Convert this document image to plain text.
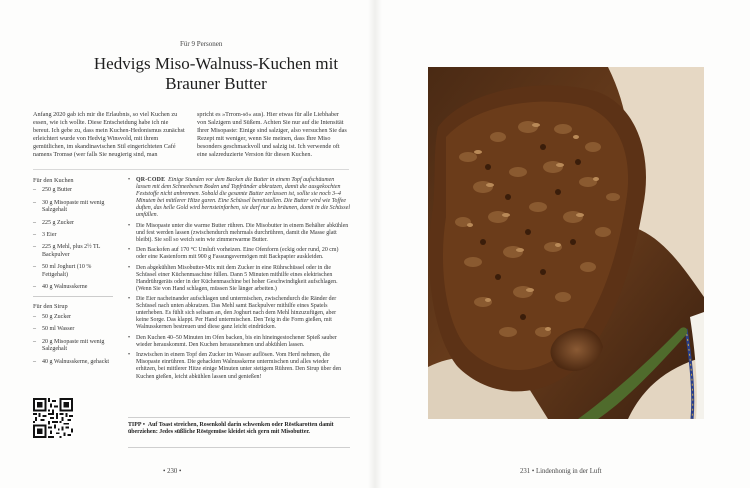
Für 9 Personen
Hedvigs Miso-Walnuss-Kuchen mit
Brauner Butter
Anfang 2020 gab ich mir die Erlaubnis, so viel Kuchen zu essen, wie ich wollte. Diese Entscheidung habe ich nie bereut. Ich gebe zu, dass mein Kuchen-Hedonismus zunächst erleichtert wurde von Hedvig Winsvold, mit ihrem gemütlichen, im skandinavischen Stil eingerichteten Café namens Tromsø (wer falls Sie neugierig sind, man
spricht es »Trrom-sö« aus). Hier etwas für alle Liebhaber von Salzigem und Süßem. Achten Sie nur auf die Intensität Ihrer Misopaste: Einige sind salziger, also versuchen Sie das Rezept mit weniger, wenn Sie meinen, dass Ihre Miso besonders geschmackvoll und salzig ist. Ich verwende oft eine salzreduzierte Version für diesen Kuchen.
Für den Kuchen
– 250 g Butter
– 30 g Misopaste mit wenig Salzgehalt
– 225 g Zucker
– 3 Eier
– 225 g Mehl, plus 2½ TL Backpulver
– 50 ml Joghurt (10 % Fettgehalt)
– 40 g Walnusskerne
Für den Sirup
– 50 g Zucker
– 50 ml Wasser
– 20 g Misopaste mit wenig Salzgehalt
– 40 g Walnusskerne, gehackt

• QR-CODE Einige Stunden vor dem Backen die Butter in einem Topf aufschäumen lassen mit dem Schneebesen Boden und Topfränder abkratzen, damit die ausgekochten Feststoffe nicht anbrennen. Sobald die gesamte Butter zerlassen ist, sollte sie noch 3–4 Minuten bei mittlerer Hitze garen. Eine Schüssel bereitstellen. Die Butter wird wie Toffee duften, das helle Gold wird bernsteinfarben, sie darf nur zu bräunen, damit in die Schüssel umfüllen.

• Die Misopaste unter die warme Butter rühren. Die Misobutter in einem Behälter abkühlen und fest werden lassen (zwischendurch mehrmals durchrühren, damit die Masse glatt bleibt). Sie soll so weich sein wie zimmerwarme Butter.

• Den Backofen auf 170 °C Umluft vorheizen. Eine Ofenform (eckig oder rund, 20 cm) oder eine Kastenform mit 900 g Fassungsvermögen mit Backpapier auskleiden.

• Den abgekühlten Misobutter-Mix mit dem Zucker in eine Rührschüssel oder in die Schüssel einer Küchenmaschine füllen. Dann 5 Minuten mithilfe eines elektrischen Handrührgeräts oder in der Küchenmaschine bei hoher Geschwindigkeit aufschlagen. (Wenn Sie von Hand schlagen, müssen Sie länger arbeiten.)

• Die Eier nacheinander aufschlagen und untermischen, zwischendurch die Ränder der Schüssel nach unten abkratzen. Das Mehl samt Backpulver mithilfe eines Spatels unterheben. Es fühlt sich seltsam an, den Joghurt nach dem Mehl hinzuzufügen, aber keine Sorge. Das klappt. Per Hand untermischen. Den Teig in die Form gießen, mit Walnusskernen bestreuen und diese ganz leicht eindrücken.

• Den Kuchen 40–50 Minuten im Ofen backen, bis ein hineingestochener Spieß sauber wieder herauskommt. Den Kuchen herausnehmen und abkühlen lassen.

• Inzwischen in einem Topf den Zucker im Wasser auflösen. Vom Herd nehmen, die Misopaste einrühren. Die gehackten Walnusskerne untermischen und alles wieder erhitzen, bei mittlerer Hitze einige Minuten unter stetigem Rühren. Den Sirup über den Kuchen gießen, leicht abkühlen lassen und genießen!

TIPP •  Auf Toast streichen, Rosenkohl darin schwenken oder Röstkarotten damit überziehen: Jedes süßliche Röstgemüse kleidet sich gern mit Misobutter.
• 230 •	231 • Lindenhonig in der Luft
